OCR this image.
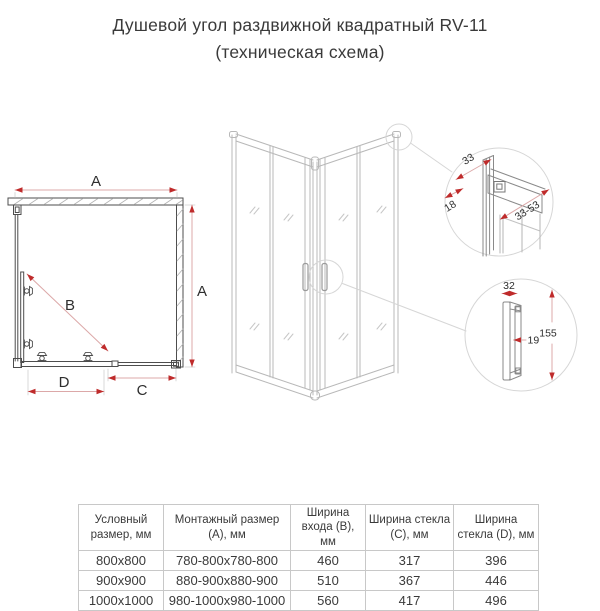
Душевой угол раздвижной квадратный RV-11
(техническая схема)
A
A
B
D	C
33
18	33-53
32
19
155
Условный размер, мм	Монтажный размер (А), мм	Ширина входа (B), мм	Ширина стекла (C), мм	Ширина стекла (D), мм
800x800	780-800x780-800	460	317	396
900x900	880-900x880-900	510	367	446
1000x1000	980-1000x980-1000	560	417	496
